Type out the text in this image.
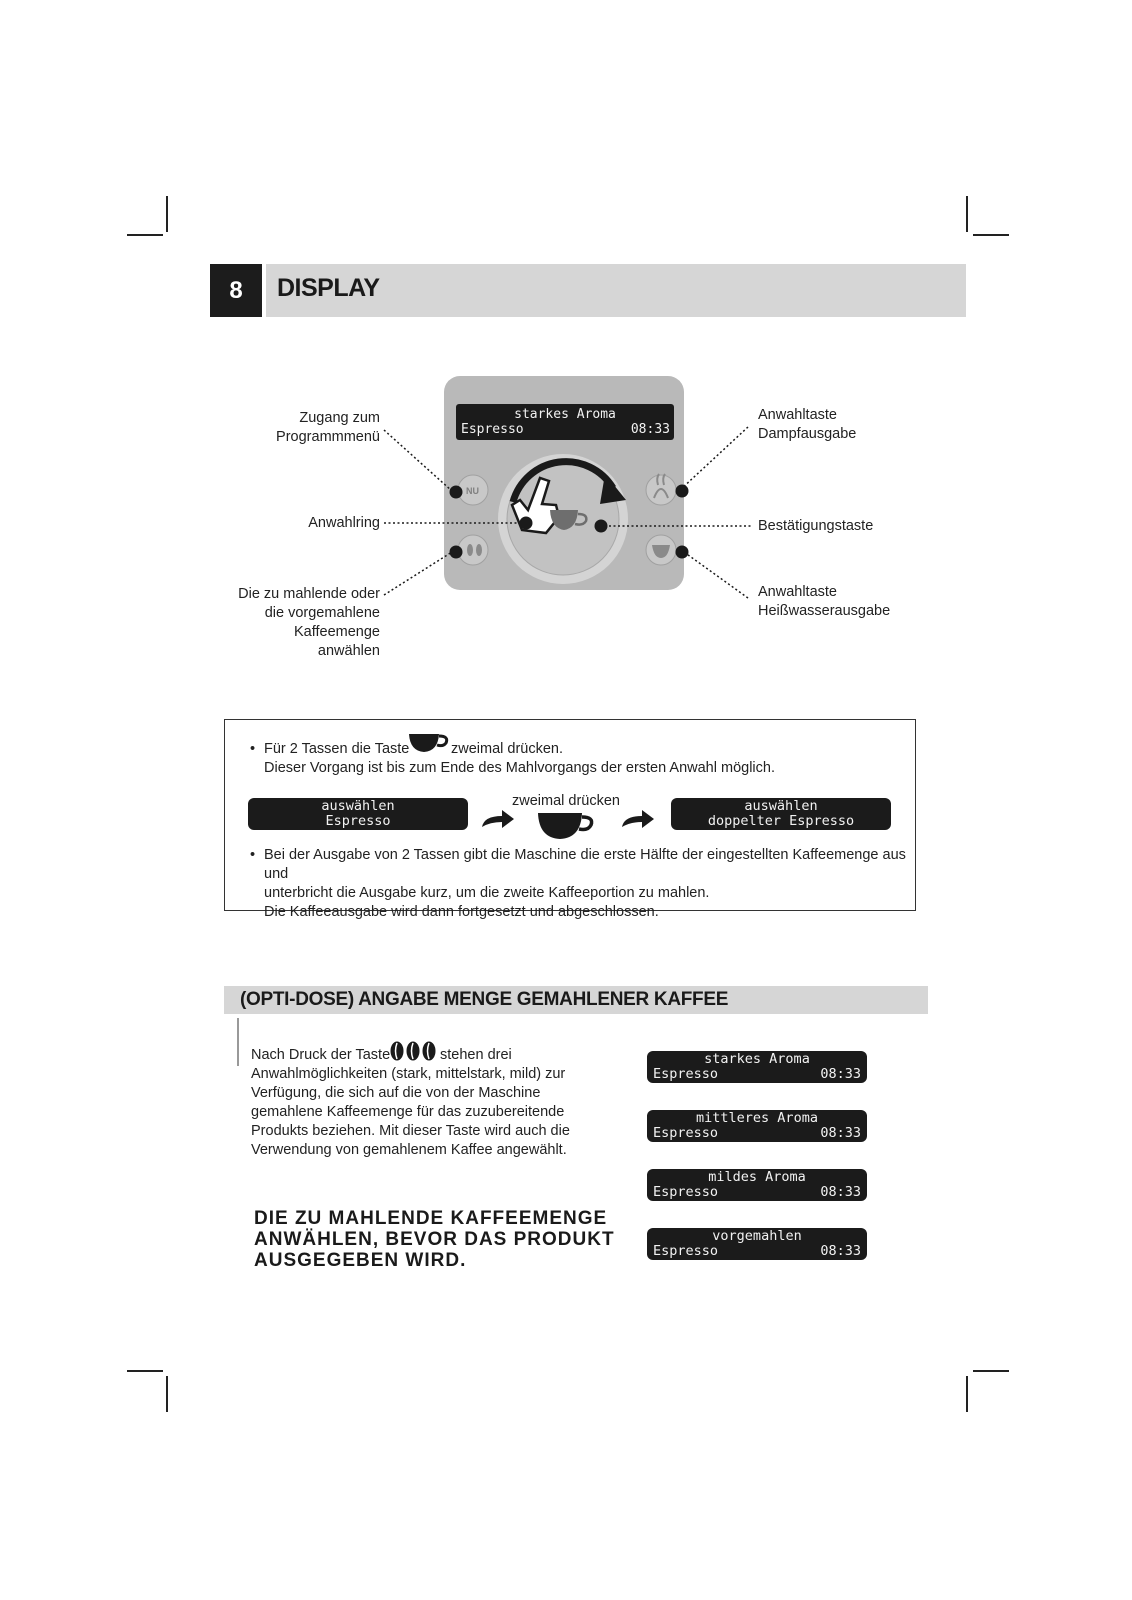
8	DISPLAY
NU
starkes Aroma
Espresso	08:33
Zugang zum
Programmmenü
Anwahlring
Die zu mahlende oder
die vorgemahlene
Kaffeemenge
anwählen
Anwahltaste
Dampfausgabe
Bestätigungstaste
Anwahltaste
Heißwasserausgabe
• Für 2 Tassen die Taste	zweimal drücken.
Dieser Vorgang ist bis zum Ende des Mahlvorgangs der ersten Anwahl möglich.
auswählen
Espresso
zweimal drücken	auswählen
doppelter Espresso
• Bei der Ausgabe von 2 Tassen gibt die Maschine die erste Hälfte der eingestellten Kaffeemenge aus und
unterbricht die Ausgabe kurz, um die zweite Kaffeeportion zu mahlen.
Die Kaffeeausgabe wird dann fortgesetzt und abgeschlossen.
(OPTI-DOSE) ANGABE MENGE GEMAHLENER KAFFEE
Nach Druck der Taste	stehen drei
Anwahlmöglichkeiten (stark, mittelstark, mild) zur
Verfügung, die sich auf die von der Maschine
gemahlene Kaffeemenge für das zuzubereitende
Produkts beziehen. Mit dieser Taste wird auch die
Verwendung von gemahlenem Kaffee angewählt.
DIE ZU MAHLENDE KAFFEEMENGE
ANWÄHLEN, BEVOR DAS PRODUKT
AUSGEGEBEN WIRD.
starkes Aroma
Espresso	08:33
mittleres Aroma
Espresso	08:33
mildes Aroma
Espresso	08:33
vorgemahlen
Espresso	08:33
